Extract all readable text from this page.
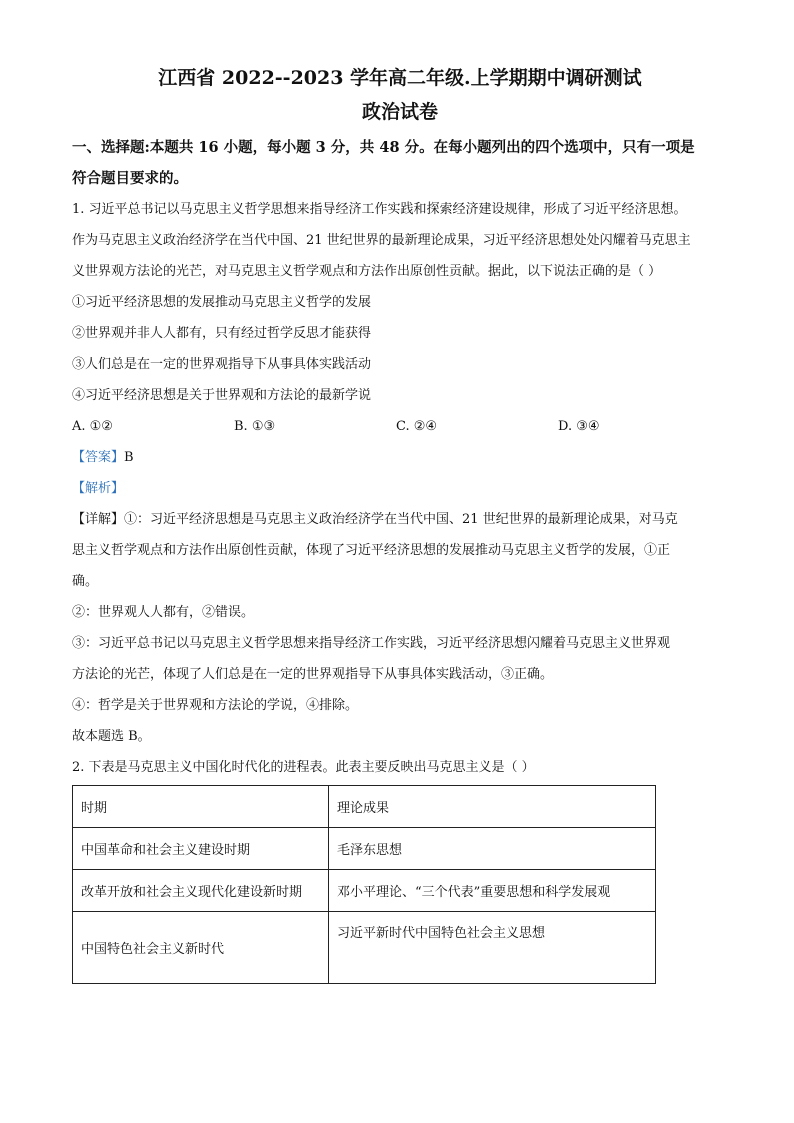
江西省 2022--2023 学年高二年级.上学期期中调研测试

政治试卷

一、选择题:本题共 16 小题，每小题 3 分，共 48 分。在每小题列出的四个选项中，只有一项是

符合题目要求的。

1. 习近平总书记以马克思主义哲学思想来指导经济工作实践和探索经济建设规律，形成了习近平经济思想。

作为马克思主义政治经济学在当代中国、21 世纪世界的最新理论成果，习近平经济思想处处闪耀着马克思主

义世界观方法论的光芒，对马克思主义哲学观点和方法作出原创性贡献。据此，以下说法正确的是（ ）

①习近平经济思想的发展推动马克思主义哲学的发展

②世界观并非人人都有，只有经过哲学反思才能获得

③人们总是在一定的世界观指导下从事具体实践活动

④习近平经济思想是关于世界观和方法论的最新学说

A. ①②	B. ①③	C. ②④	D. ③④
【答案】B
【解析】

【详解】①：习近平经济思想是马克思主义政治经济学在当代中国、21 世纪世界的最新理论成果，对马克

思主义哲学观点和方法作出原创性贡献，体现了习近平经济思想的发展推动马克思主义哲学的发展，①正

确。

②：世界观人人都有，②错误。

③：习近平总书记以马克思主义哲学思想来指导经济工作实践，习近平经济思想闪耀着马克思主义世界观

方法论的光芒，体现了人们总是在一定的世界观指导下从事具体实践活动，③正确。

④：哲学是关于世界观和方法论的学说，④排除。

故本题选 B。

2. 下表是马克思主义中国化时代化的进程表。此表主要反映出马克思主义是（ ）

时期	理论成果
中国革命和社会主义建设时期	毛泽东思想
改革开放和社会主义现代化建设新时期	邓小平理论、“三个代表”重要思想和科学发展观
中国特色社会主义新时代	习近平新时代中国特色社会主义思想
